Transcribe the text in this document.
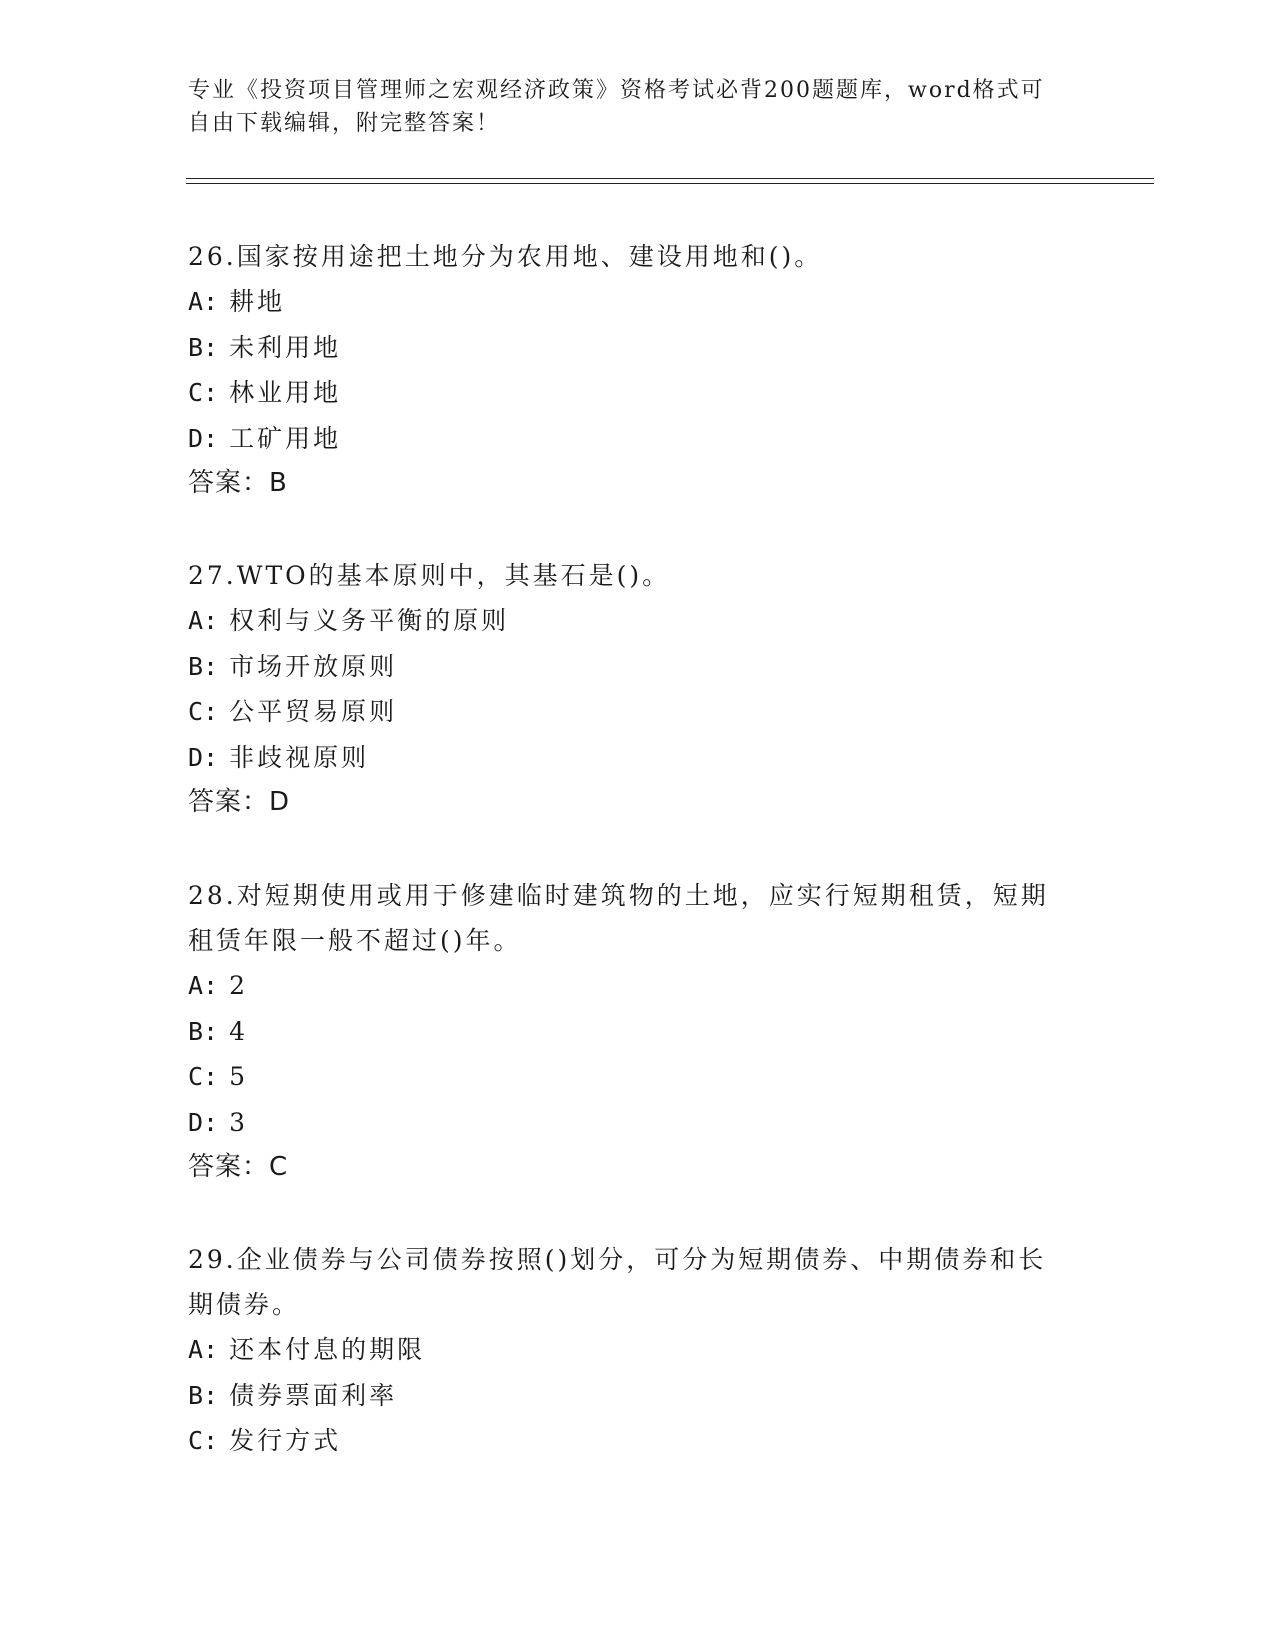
专业《投资项目管理师之宏观经济政策》资格考试必背200题题库，word格式可
自由下载编辑，附完整答案！

26.国家按用途把土地分为农用地、建设用地和()。

A: 耕地

B: 未利用地

C: 林业用地

D: 工矿用地

答案：B

27.WTO的基本原则中，其基石是()。

A: 权利与义务平衡的原则

B: 市场开放原则

C: 公平贸易原则

D: 非歧视原则

答案：D

28.对短期使用或用于修建临时建筑物的土地，应实行短期租赁，短期

租赁年限一般不超过()年。

A: 2

B: 4

C: 5

D: 3

答案：C

29.企业债券与公司债券按照()划分，可分为短期债券、中期债券和长

期债券。

A: 还本付息的期限

B: 债券票面利率

C: 发行方式
